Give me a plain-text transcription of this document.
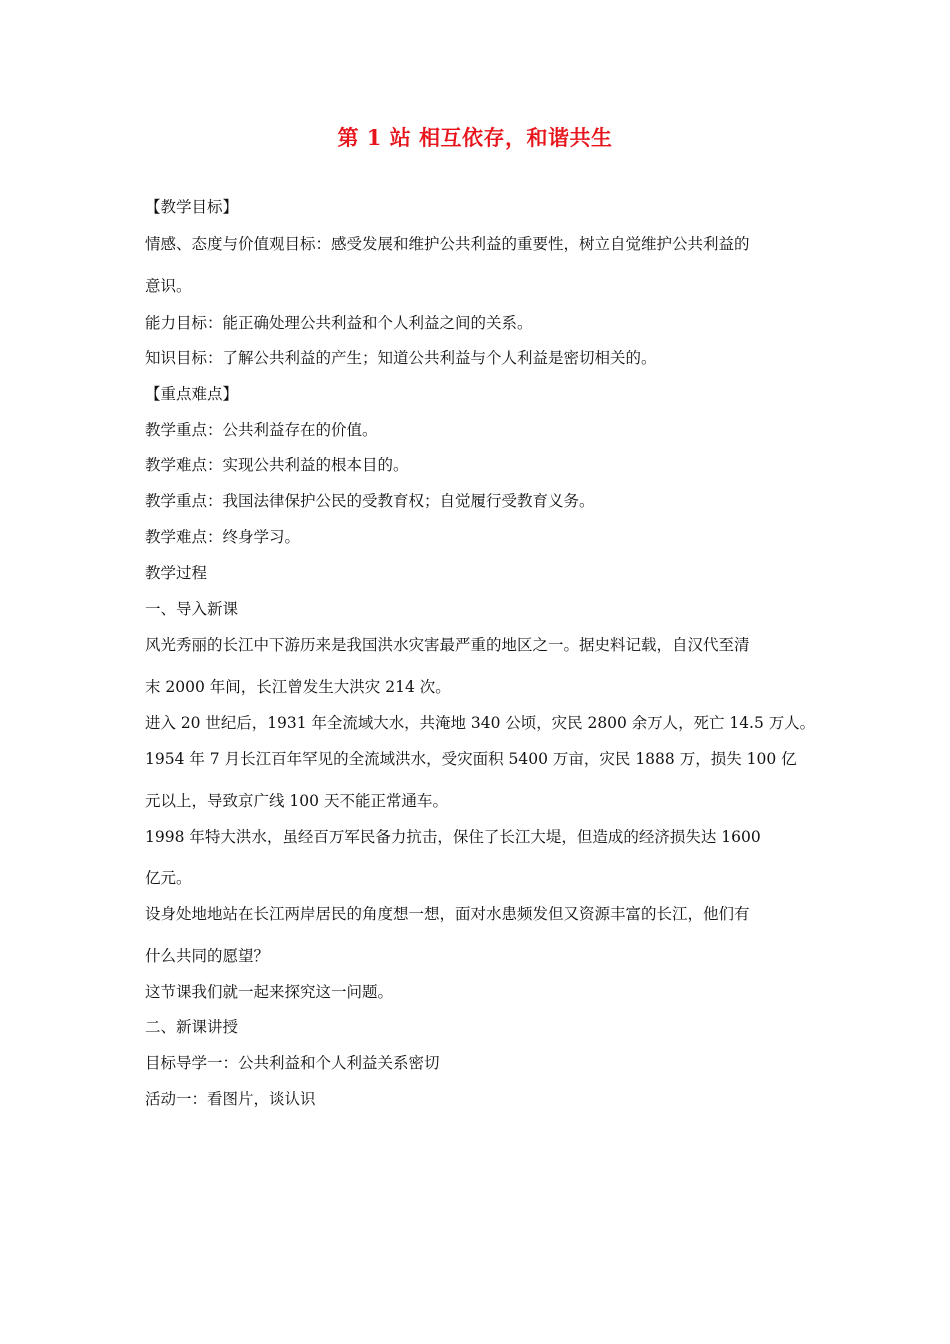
第 1 站 相互依存，和谐共生
【教学目标】
情感、态度与价值观目标：感受发展和维护公共利益的重要性，树立自觉维护公共利益的
意识。
能力目标：能正确处理公共利益和个人利益之间的关系。
知识目标：了解公共利益的产生；知道公共利益与个人利益是密切相关的。
【重点难点】
教学重点：公共利益存在的价值。
教学难点：实现公共利益的根本目的。
教学重点：我国法律保护公民的受教育权；自觉履行受教育义务。
教学难点：终身学习。
教学过程
一、导入新课
风光秀丽的长江中下游历来是我国洪水灾害最严重的地区之一。据史料记载，自汉代至清
末 2000 年间，长江曾发生大洪灾 214 次。
进入 20 世纪后，1931 年全流域大水，共淹地 340 公顷，灾民 2800 余万人，死亡 14.5 万人。
1954 年 7 月长江百年罕见的全流域洪水，受灾面积 5400 万亩，灾民 1888 万，损失 100 亿
元以上，导致京广线 100 天不能正常通车。
1998 年特大洪水，虽经百万军民备力抗击，保住了长江大堤，但造成的经济损失达 1600
亿元。
设身处地地站在长江两岸居民的角度想一想，面对水患频发但又资源丰富的长江，他们有
什么共同的愿望？
这节课我们就一起来探究这一问题。
二、新课讲授
目标导学一：公共利益和个人利益关系密切
活动一：看图片，谈认识
